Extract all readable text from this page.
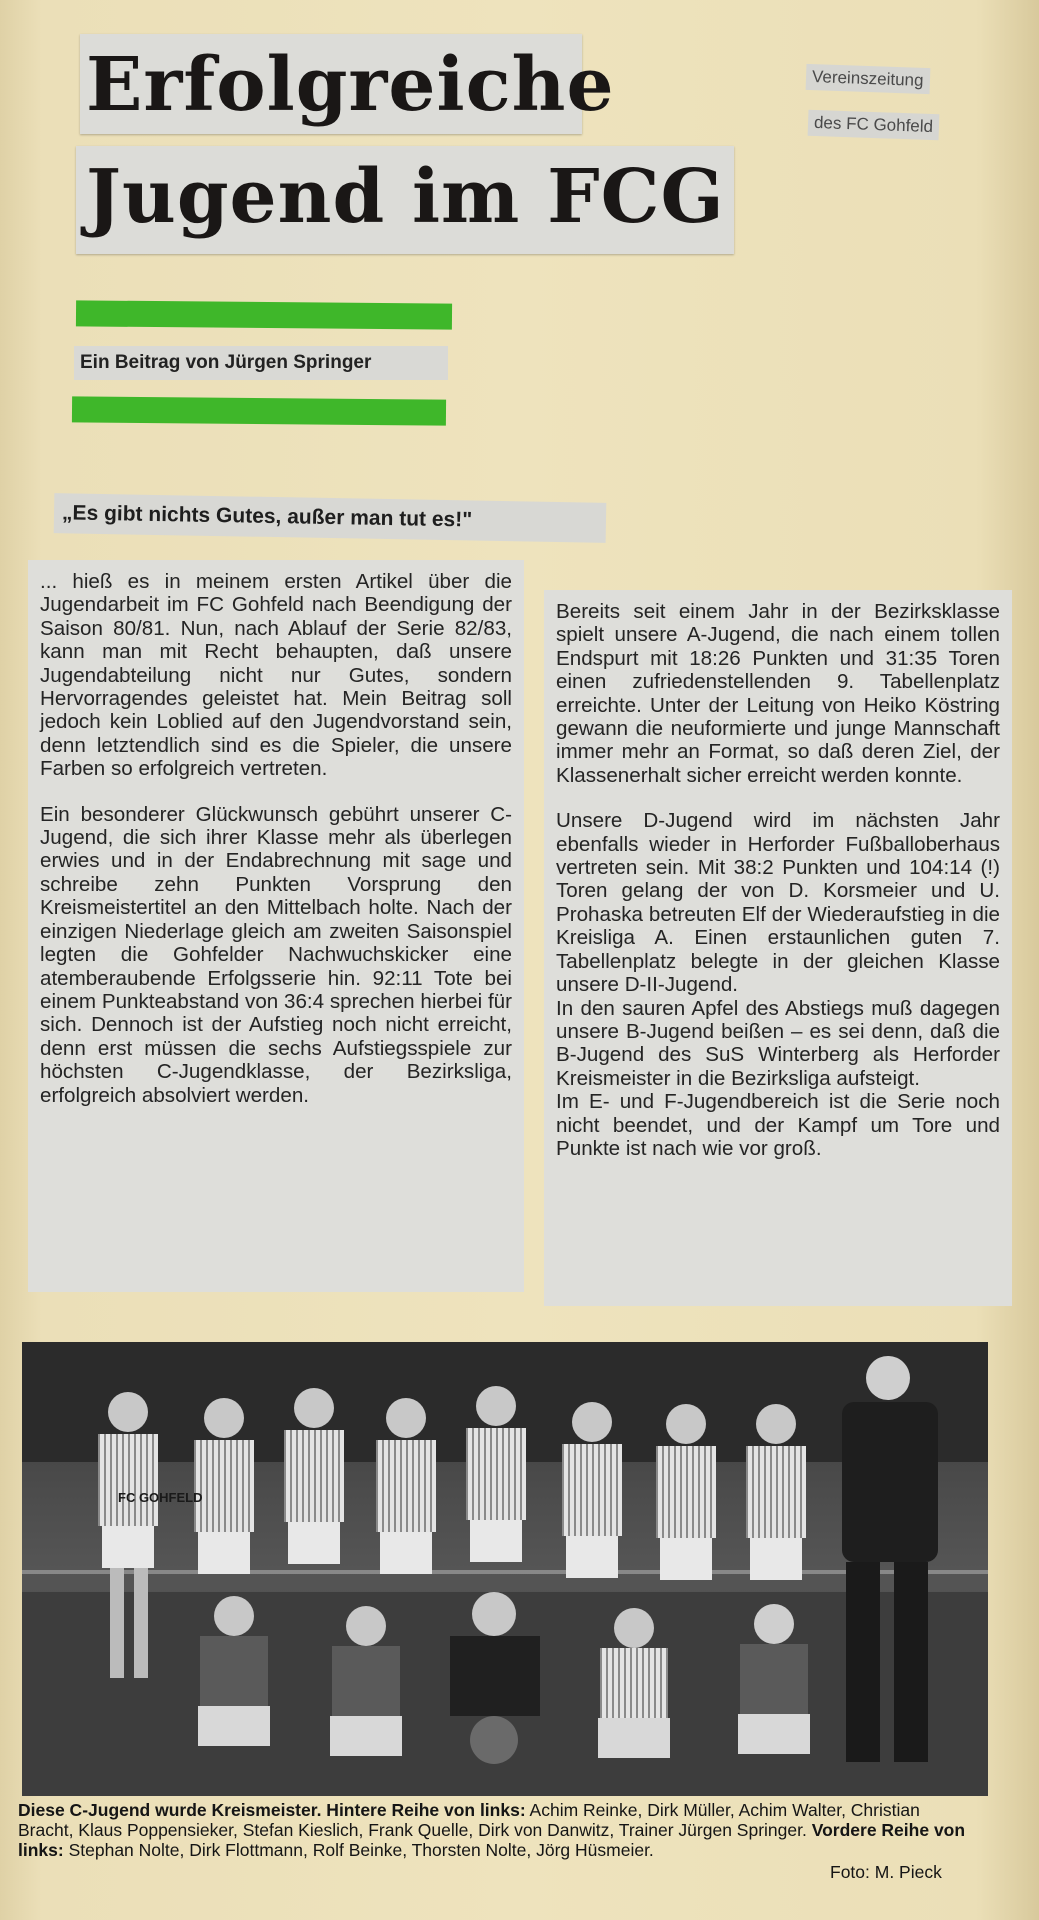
Erfolgreiche
Jugend im FCG
Vereinszeitung
des FC Gohfeld
Ein Beitrag von Jürgen Springer
„Es gibt nichts Gutes, außer man tut es!"

... hieß es in meinem ersten Artikel über die Jugendarbeit im FC Gohfeld nach Beendigung der Saison 80/81. Nun, nach Ablauf der Serie 82/83, kann man mit Recht behaupten, daß unsere Jugendabteilung nicht nur Gutes, sondern Hervorragendes geleistet hat. Mein Beitrag soll jedoch kein Loblied auf den Jugendvorstand sein, denn letztendlich sind es die Spieler, die unsere Farben so erfolgreich vertreten.

Ein besonderer Glückwunsch gebührt unserer C-Jugend, die sich ihrer Klasse mehr als überlegen erwies und in der Endabrechnung mit sage und schreibe zehn Punkten Vorsprung den Kreismeistertitel an den Mittelbach holte. Nach der einzigen Niederlage gleich am zweiten Saisonspiel legten die Gohfelder Nachwuchskicker eine atemberaubende Erfolgsserie hin. 92:11 Tote bei einem Punkteabstand von 36:4 sprechen hierbei für sich. Dennoch ist der Aufstieg noch nicht erreicht, denn erst müssen die sechs Aufstiegsspiele zur höchsten C-Jugendklasse, der Bezirksliga, erfolgreich absolviert werden.

Bereits seit einem Jahr in der Bezirksklasse spielt unsere A-Jugend, die nach einem tollen Endspurt mit 18:26 Punkten und 31:35 Toren einen zufriedenstellenden 9. Tabellenplatz erreichte. Unter der Leitung von Heiko Köstring gewann die neuformierte und junge Mannschaft immer mehr an Format, so daß deren Ziel, der Klassenerhalt sicher erreicht werden konnte.

Unsere D-Jugend wird im nächsten Jahr ebenfalls wieder in Herforder Fußballoberhaus vertreten sein. Mit 38:2 Punkten und 104:14 (!) Toren gelang der von D. Korsmeier und U. Prohaska betreuten Elf der Wiederaufstieg in die Kreisliga A. Einen erstaunlichen guten 7. Tabellenplatz belegte in der gleichen Klasse unsere D-II-Jugend.

In den sauren Apfel des Abstiegs muß dagegen unsere B-Jugend beißen – es sei denn, daß die B-Jugend des SuS Winterberg als Herforder Kreismeister in die Bezirksliga aufsteigt.

Im E- und F-Jugendbereich ist die Serie noch nicht beendet, und der Kampf um Tore und Punkte ist nach wie vor groß.

FC GOHFELD
Diese C-Jugend wurde Kreismeister. Hintere Reihe von links: Achim Reinke, Dirk Müller, Achim Walter, Christian Bracht, Klaus Poppensieker, Stefan Kieslich, Frank Quelle, Dirk von Danwitz, Trainer Jürgen Springer. Vordere Reihe von links: Stephan Nolte, Dirk Flottmann, Rolf Beinke, Thorsten Nolte, Jörg Hüsmeier.
Foto: M. Pieck
